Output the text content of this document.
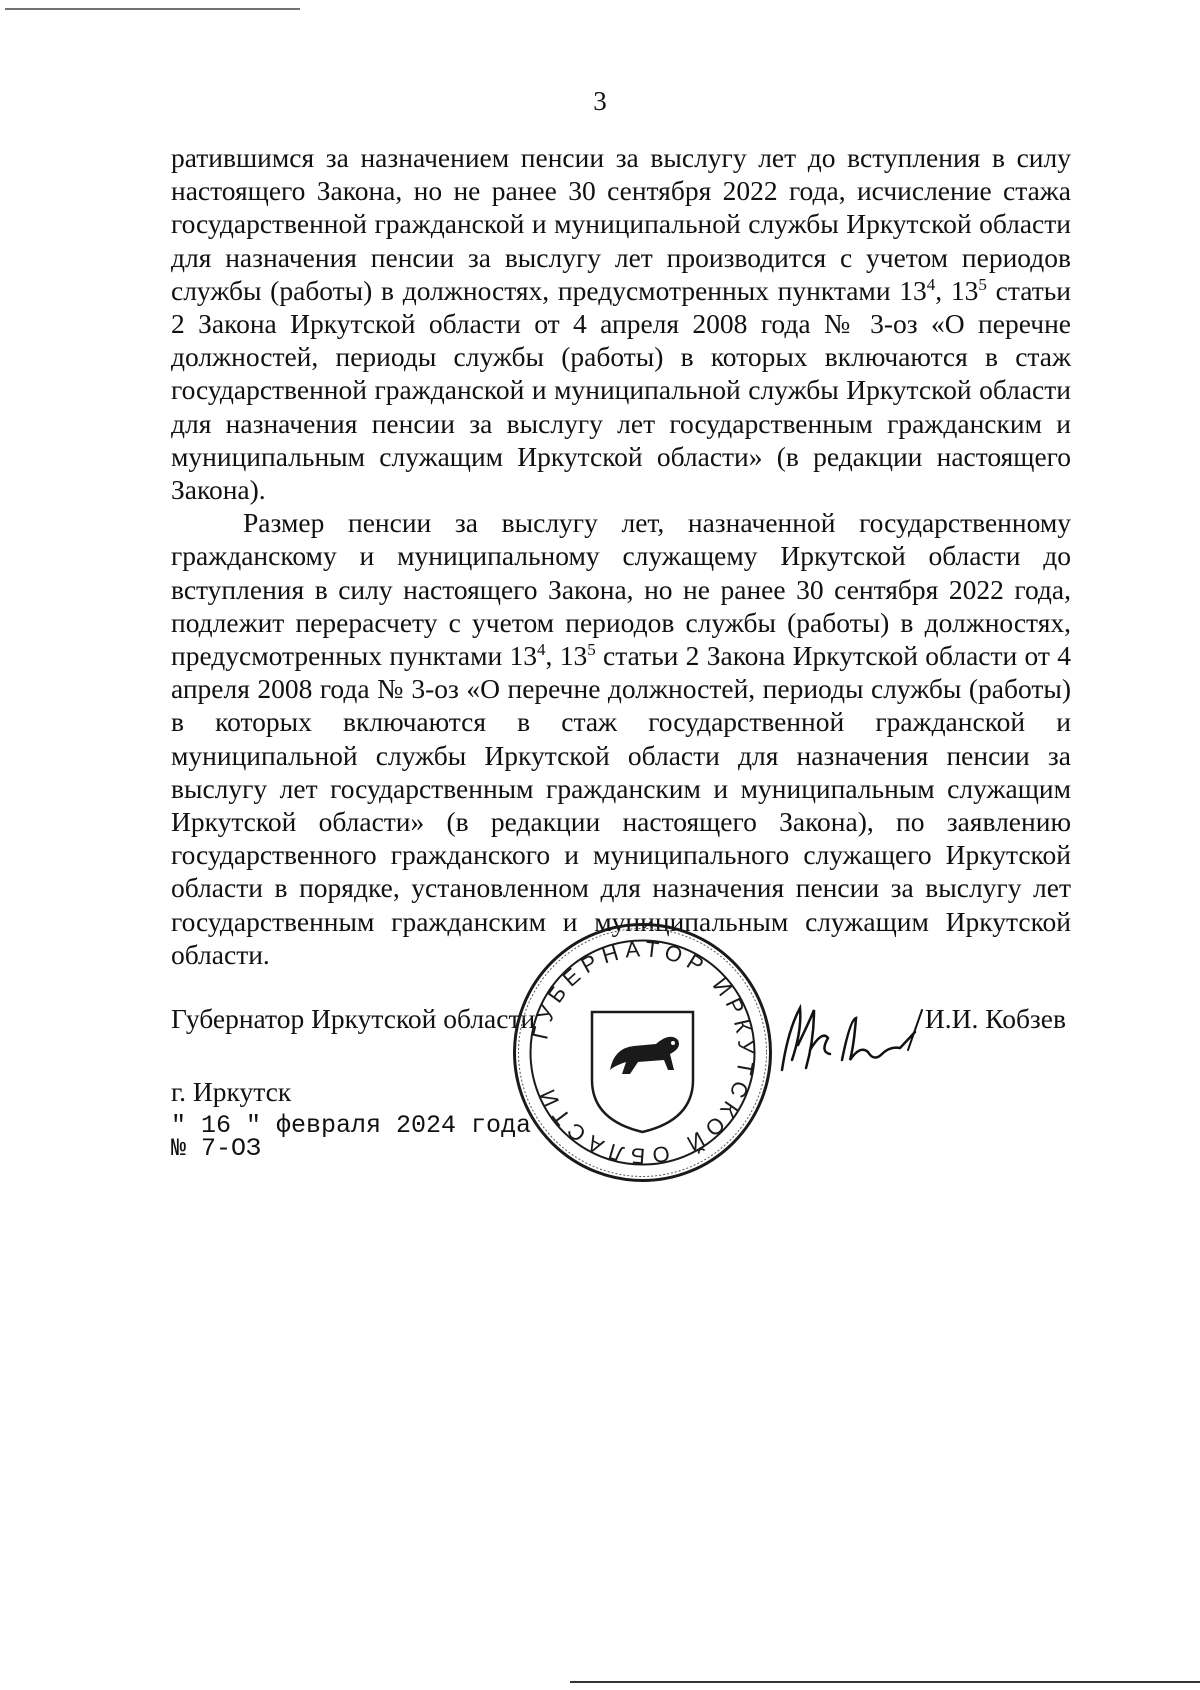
3

ратившимся за назначением пенсии за выслугу лет до вступления в силу настоящего Закона, но не ранее 30 сентября 2022 года, исчисление стажа государственной гражданской и муниципальной службы Иркутской области для назначения пенсии за выслугу лет производится с учетом периодов службы (работы) в должностях, предусмотренных пунктами $13^4$, $13^5$ статьи 2 Закона Иркутской области от 4 апреля 2008 года № 3-оз «О перечне должностей, периоды службы (работы) в которых включаются в стаж государственной гражданской и муниципальной службы Иркутской области для назначения пенсии за выслугу лет государственным гражданским и муниципальным служащим Иркутской области» (в редакции настоящего Закона).

Размер пенсии за выслугу лет, назначенной государственному гражданскому и муниципальному служащему Иркутской области до вступления в силу настоящего Закона, но не ранее 30 сентября 2022 года, подлежит перерасчету с учетом периодов службы (работы) в должностях, предусмотренных пунктами $13^4$, $13^5$ статьи 2 Закона Иркутской области от 4 апреля 2008 года № 3-оз «О перечне должностей, периоды службы (работы) в которых включаются в стаж государственной гражданской и муниципальной службы Иркутской области для назначения пенсии за выслугу лет государственным гражданским и муниципальным служащим Иркутской области» (в редакции настоящего Закона), по заявлению государственного гражданского и муниципального служащего Иркутской области в порядке, установленном для назначения пенсии за выслугу лет государственным гражданским и муниципальным служащим Иркутской области.

Губернатор Иркутской области	И.И. Кобзев
г. Иркутск
" 16 " февраля 2024 года
№ 7-ОЗ
ГУБЕРНАТОР ИРКУТСКОЙ ОБЛАСТИ
